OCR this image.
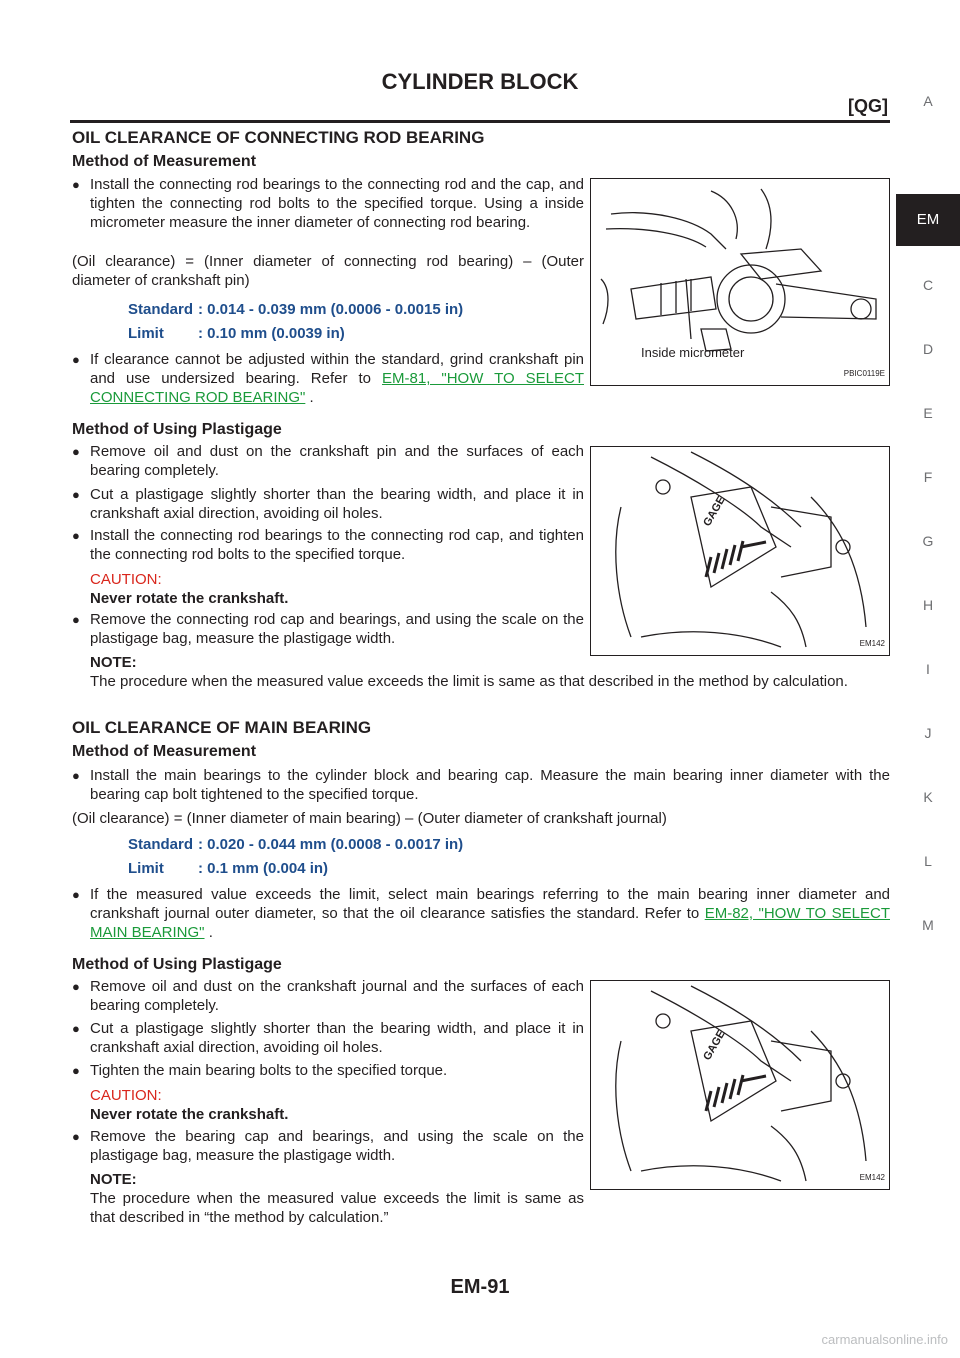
CYLINDER BLOCK
[QG]	A
EM
C
D
E
F
G
H
I
J
K
L
M
OIL CLEARANCE OF CONNECTING ROD BEARING
Method of Measurement
● Install the connecting rod bearings to the connecting rod and the cap, and tighten the connecting rod bolts to the specified torque. Using a inside micrometer measure the inner diameter of connecting rod bearing.
(Oil clearance) = (Inner diameter of connecting rod bearing) – (Outer diameter of crankshaft pin)
Standard : 0.014 - 0.039 mm (0.0006 - 0.0015 in)
Limit : 0.10 mm (0.0039 in)
● If clearance cannot be adjusted within the standard, grind crankshaft pin and use undersized bearing. Refer to EM-81, "HOW TO SELECT CONNECTING ROD BEARING" .
Inside micrometer
PBIC0119E
Method of Using Plastigage
● Remove oil and dust on the crankshaft pin and the surfaces of each bearing completely.
● Cut a plastigage slightly shorter than the bearing width, and place it in crankshaft axial direction, avoiding oil holes.
● Install the connecting rod bearings to the connecting rod cap, and tighten the connecting rod bolts to the specified torque.
CAUTION:
Never rotate the crankshaft.
● Remove the connecting rod cap and bearings, and using the scale on the plastigage bag, measure the plastigage width.
NOTE:
The procedure when the measured value exceeds the limit is same as that described in the method by calculation.
GAGE
EM142
OIL CLEARANCE OF MAIN BEARING
Method of Measurement
● Install the main bearings to the cylinder block and bearing cap. Measure the main bearing inner diameter with the bearing cap bolt tightened to the specified torque.
(Oil clearance) = (Inner diameter of main bearing) – (Outer diameter of crankshaft journal)
Standard : 0.020 - 0.044 mm (0.0008 - 0.0017 in)
Limit : 0.1 mm (0.004 in)
● If the measured value exceeds the limit, select main bearings referring to the main bearing inner diameter and crankshaft journal outer diameter, so that the oil clearance satisfies the standard. Refer to EM-82, "HOW TO SELECT MAIN BEARING" .
Method of Using Plastigage
● Remove oil and dust on the crankshaft journal and the surfaces of each bearing completely.
● Cut a plastigage slightly shorter than the bearing width, and place it in crankshaft axial direction, avoiding oil holes.
● Tighten the main bearing bolts to the specified torque.
CAUTION:
Never rotate the crankshaft.
● Remove the bearing cap and bearings, and using the scale on the plastigage bag, measure the plastigage width.
NOTE:
The procedure when the measured value exceeds the limit is same as that described in “the method by calculation.”
GAGE
EM142
EM-91
carmanualsonline.info
